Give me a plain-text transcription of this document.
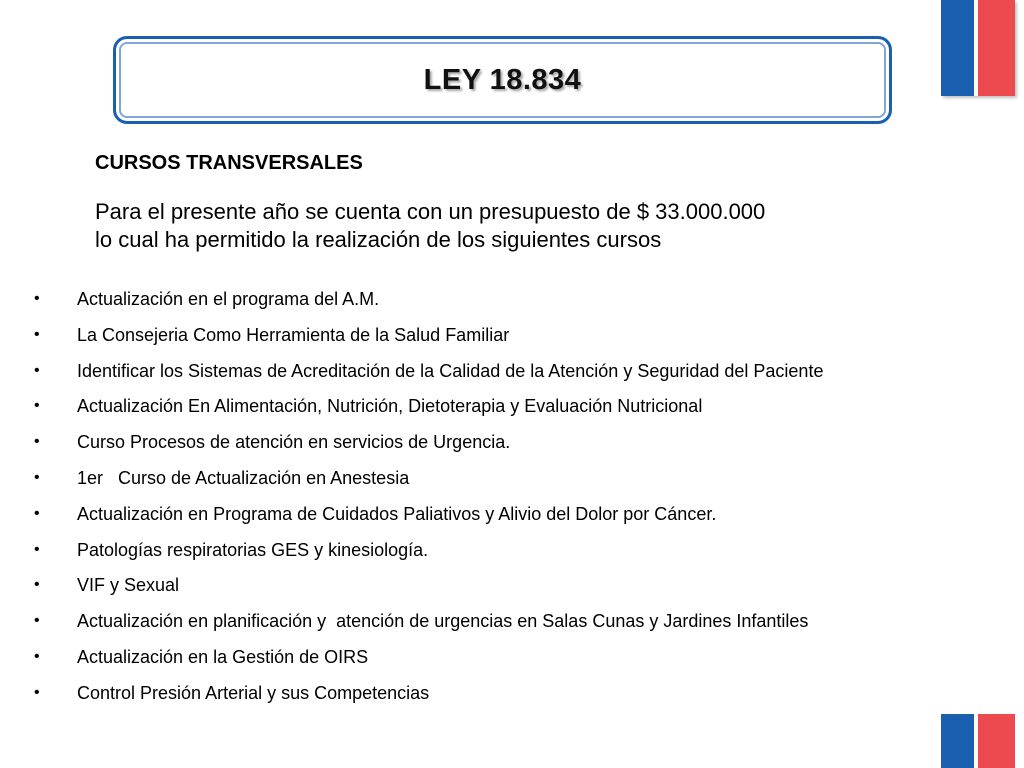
LEY 18.834
CURSOS TRANSVERSALES
Para el presente año se cuenta con un presupuesto de $ 33.000.000
lo cual ha permitido la realización de los siguientes cursos
• Actualización en el programa del A.M.
• La Consejeria Como Herramienta de la Salud Familiar
• Identificar los Sistemas de Acreditación de la Calidad de la Atención y Seguridad del Paciente
• Actualización En Alimentación, Nutrición, Dietoterapia y Evaluación Nutricional
• Curso Procesos de atención en servicios de Urgencia.
• 1er   Curso de Actualización en Anestesia
• Actualización en Programa de Cuidados Paliativos y Alivio del Dolor por Cáncer.
• Patologías respiratorias GES y kinesiología.
• VIF y Sexual
• Actualización en planificación y  atención de urgencias en Salas Cunas y Jardines Infantiles
• Actualización en la Gestión de OIRS
• Control Presión Arterial y sus Competencias
